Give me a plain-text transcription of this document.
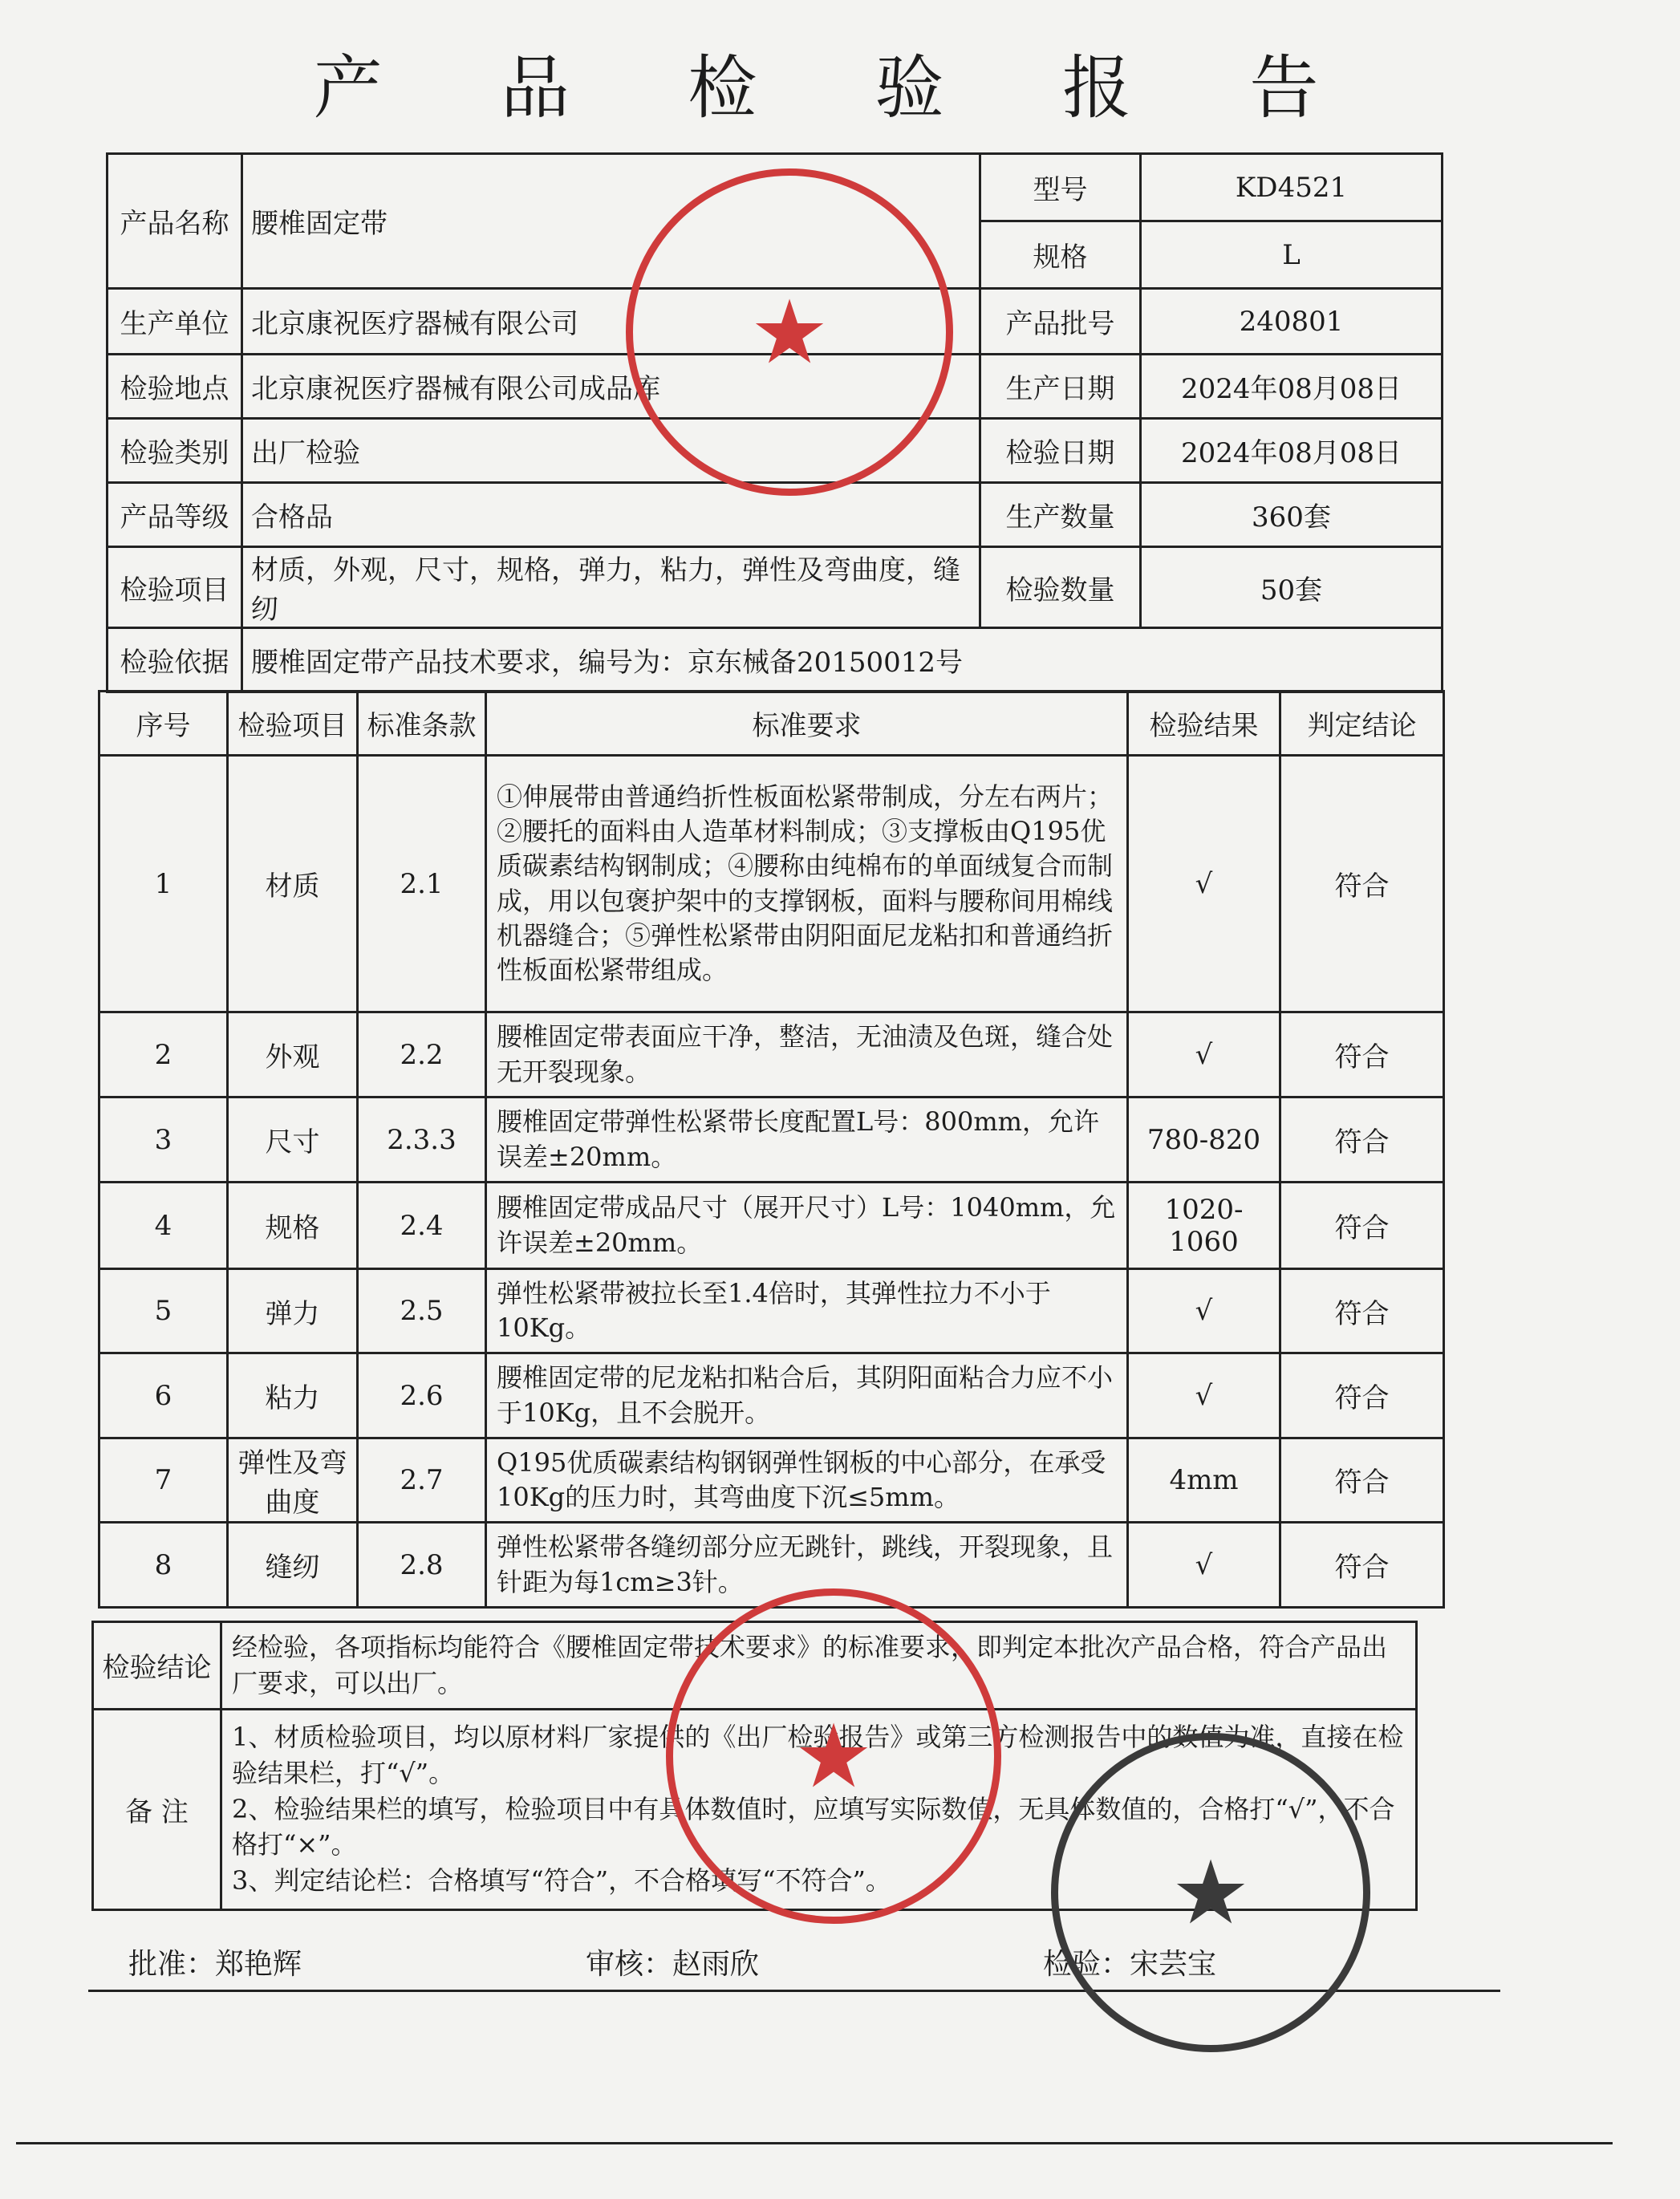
产 品 检 验 报 告
产品名称	腰椎固定带	型号	KD4521
		规格	L
生产单位	北京康祝医疗器械有限公司	产品批号	240801
检验地点	北京康祝医疗器械有限公司成品库	生产日期	2024年08月08日
检验类别	出厂检验	检验日期	2024年08月08日
产品等级	合格品	生产数量	360套
检验项目	材质，外观，尺寸，规格，弹力，粘力，弹性及弯曲度，缝纫	检验数量	50套
检验依据	腰椎固定带产品技术要求，编号为：京东械备20150012号		
序号	检验项目	标准条款	标准要求	检验结果	判定结论
1	材质	2.1	①伸展带由普通绉折性板面松紧带制成，分左右两片；②腰托的面料由人造革材料制成；③支撑板由Q195优质碳素结构钢制成；④腰称由纯棉布的单面绒复合而制成，用以包褒护架中的支撑钢板，面料与腰称间用棉线机器缝合；⑤弹性松紧带由阴阳面尼龙粘扣和普通绉折性板面松紧带组成。	√	符合
2	外观	2.2	腰椎固定带表面应干净，整洁，无油渍及色斑，缝合处无开裂现象。	√	符合
3	尺寸	2.3.3	腰椎固定带弹性松紧带长度配置L号：800mm，允许误差±20mm。	780-820	符合
4	规格	2.4	腰椎固定带成品尺寸（展开尺寸）L号：1040mm，允许误差±20mm。	1020-1060	符合
5	弹力	2.5	弹性松紧带被拉长至1.4倍时，其弹性拉力不小于10Kg。	√	符合
6	粘力	2.6	腰椎固定带的尼龙粘扣粘合后，其阴阳面粘合力应不小于10Kg，且不会脱开。	√	符合
7	弹性及弯曲度	2.7	Q195优质碳素结构钢钢弹性钢板的中心部分，在承受10Kg的压力时，其弯曲度下沉≤5mm。	4mm	符合
8	缝纫	2.8	弹性松紧带各缝纫部分应无跳针，跳线，开裂现象，且针距为每1cm≥3针。	√	符合
检验结论	经检验，各项指标均能符合《腰椎固定带技术要求》的标准要求，即判定本批次产品合格，符合产品出厂要求，可以出厂。
备 注	1、材质检验项目，均以原材料厂家提供的《出厂检验报告》或第三方检测报告中的数值为准，直接在检验结果栏，打“√”。
2、检验结果栏的填写，检验项目中有具体数值时，应填写实际数值，无具体数值的，合格打“√”，不合格打“×”。
3、判定结论栏：合格填写“符合”，不合格填写“不符合”。
批准：郑艳辉	审核：赵雨欣	检验：宋芸宝
★
★
★
